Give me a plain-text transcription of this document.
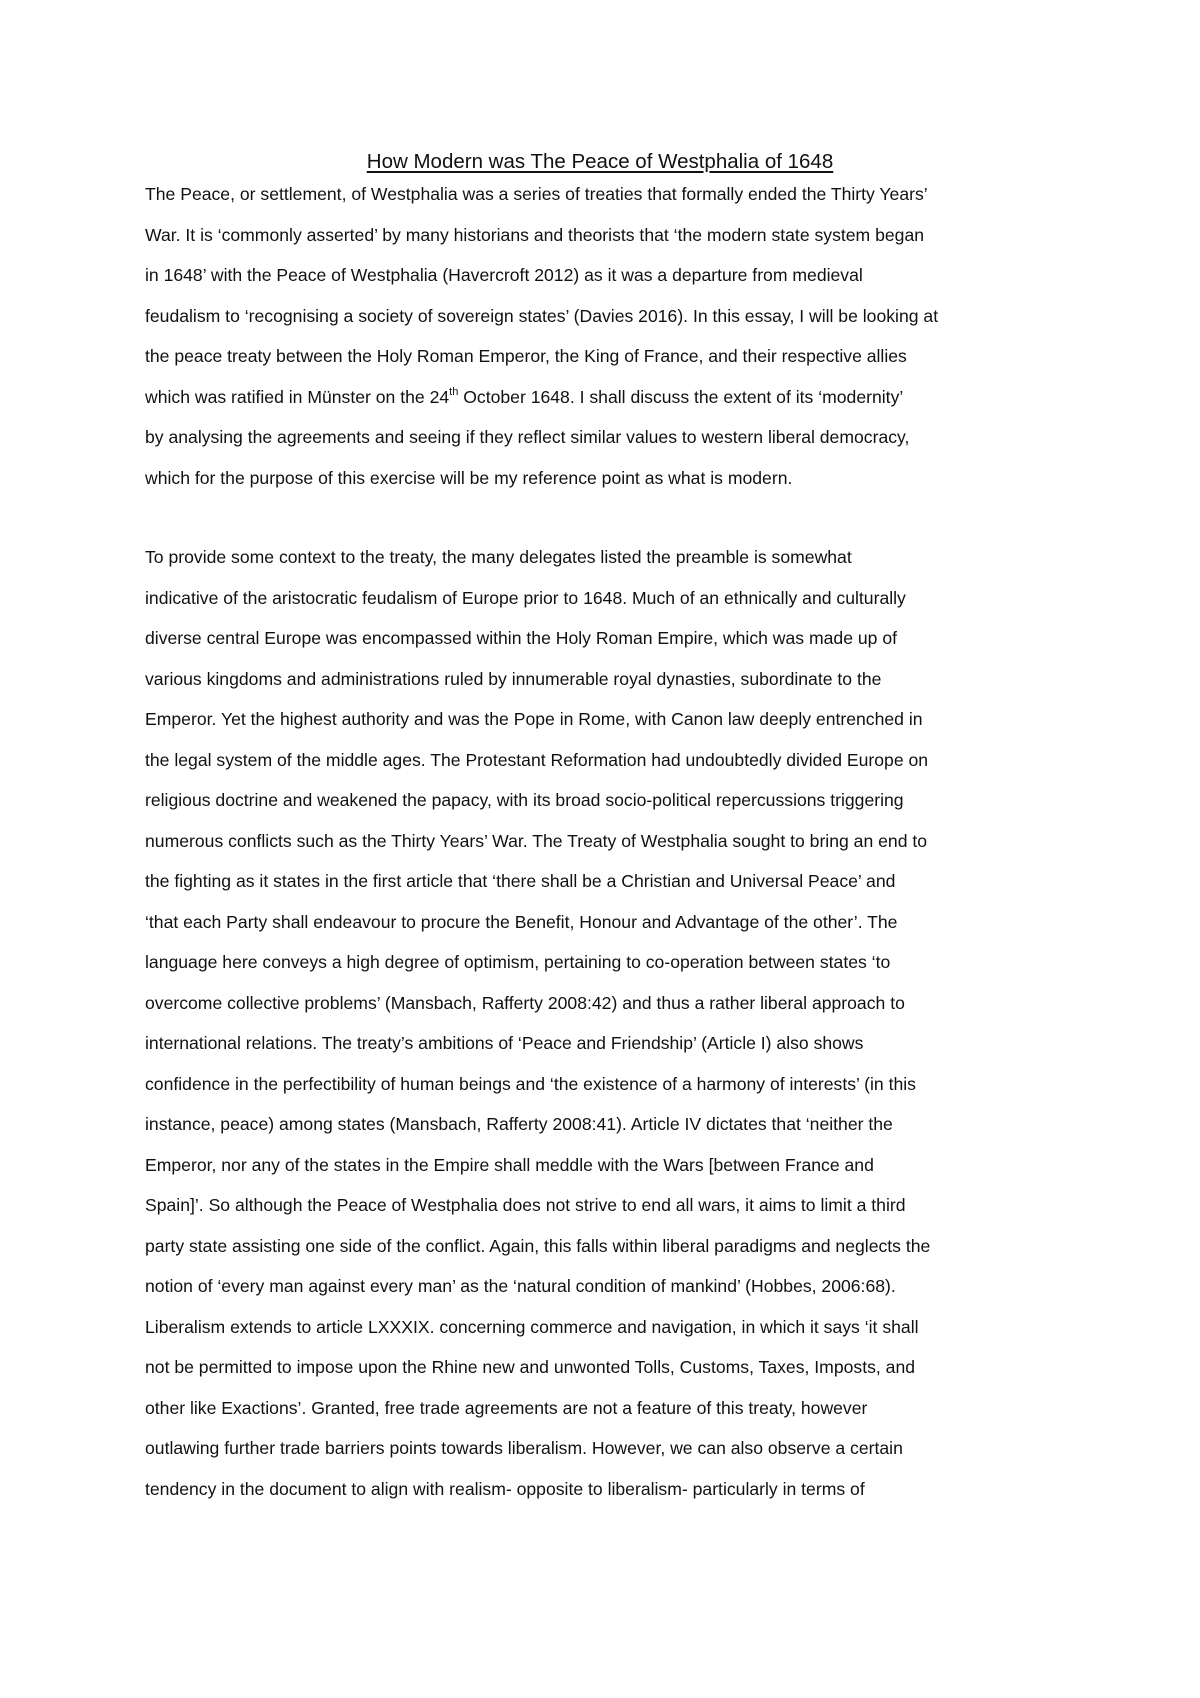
How Modern was The Peace of Westphalia of 1648
The Peace, or settlement, of Westphalia was a series of treaties that formally ended the Thirty Years’
War. It is ‘commonly asserted’ by many historians and theorists that ‘the modern state system began
in 1648’ with the Peace of Westphalia (Havercroft 2012) as it was a departure from medieval
feudalism to ‘recognising a society of sovereign states’ (Davies 2016). In this essay, I will be looking at
the peace treaty between the Holy Roman Emperor, the King of France, and their respective allies
which was ratified in Münster on the 24th October 1648. I shall discuss the extent of its ‘modernity’
by analysing the agreements and seeing if they reflect similar values to western liberal democracy,
which for the purpose of this exercise will be my reference point as what is modern.
To provide some context to the treaty, the many delegates listed the preamble is somewhat
indicative of the aristocratic feudalism of Europe prior to 1648. Much of an ethnically and culturally
diverse central Europe was encompassed within the Holy Roman Empire, which was made up of
various kingdoms and administrations ruled by innumerable royal dynasties, subordinate to the
Emperor. Yet the highest authority and was the Pope in Rome, with Canon law deeply entrenched in
the legal system of the middle ages. The Protestant Reformation had undoubtedly divided Europe on
religious doctrine and weakened the papacy, with its broad socio-political repercussions triggering
numerous conflicts such as the Thirty Years’ War. The Treaty of Westphalia sought to bring an end to
the fighting as it states in the first article that ‘there shall be a Christian and Universal Peace’ and
‘that each Party shall endeavour to procure the Benefit, Honour and Advantage of the other’. The
language here conveys a high degree of optimism, pertaining to co-operation between states ‘to
overcome collective problems’ (Mansbach, Rafferty 2008:42) and thus a rather liberal approach to
international relations. The treaty’s ambitions of ‘Peace and Friendship’ (Article I) also shows
confidence in the perfectibility of human beings and ‘the existence of a harmony of interests’ (in this
instance, peace) among states (Mansbach, Rafferty 2008:41). Article IV dictates that ‘neither the
Emperor, nor any of the states in the Empire shall meddle with the Wars [between France and
Spain]’. So although the Peace of Westphalia does not strive to end all wars, it aims to limit a third
party state assisting one side of the conflict. Again, this falls within liberal paradigms and neglects the
notion of ‘every man against every man’ as the ‘natural condition of mankind’ (Hobbes, 2006:68).
Liberalism extends to article LXXXIX. concerning commerce and navigation, in which it says ‘it shall
not be permitted to impose upon the Rhine new and unwonted Tolls, Customs, Taxes, Imposts, and
other like Exactions’. Granted, free trade agreements are not a feature of this treaty, however
outlawing further trade barriers points towards liberalism. However, we can also observe a certain
tendency in the document to align with realism- opposite to liberalism- particularly in terms of
